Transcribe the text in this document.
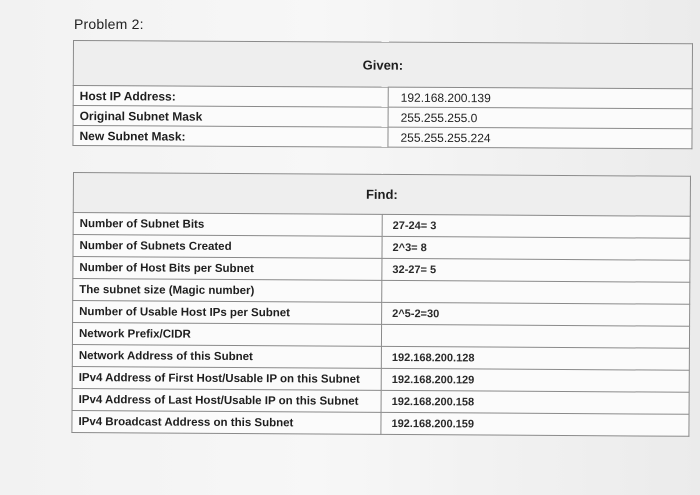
Problem 2:
Given:	
Host IP Address:	192.168.200.139
Original Subnet Mask	255.255.255.0
New Subnet Mask:	255.255.255.224
Find:	
Number of Subnet Bits	27-24= 3
Number of Subnets Created	2^3= 8
Number of Host Bits per Subnet	32-27= 5
The subnet size (Magic number)	
Number of Usable Host IPs per Subnet	2^5-2=30
Network Prefix/CIDR	
Network Address of this Subnet	192.168.200.128
IPv4 Address of First Host/Usable IP on this Subnet	192.168.200.129
IPv4 Address of Last Host/Usable IP on this Subnet	192.168.200.158
IPv4 Broadcast Address on this Subnet	192.168.200.159
